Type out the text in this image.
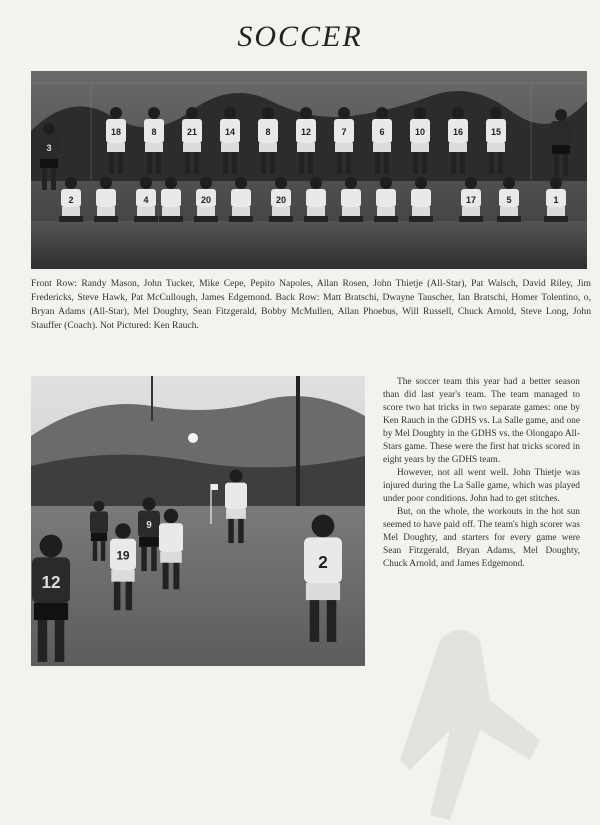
SOCCER
3
18	8	21	14	8	12	7	6	10	16	15
2	4	20	20	17	5	1
Front Row: Randy Mason, John Tucker, Mike Cepe, Pepito Napoles, Allan Rosen, John Thietje (All-Star), Pat Walsch, David Riley, Jim Fredericks, Steve Hawk, Pat McCullough, James Edgemond. Back Row: Matt Bratschi, Dwayne Tauscher, Ian Bratschi, Homer Tolentino, o, Bryan Adams (All-Star), Mel Doughty, Sean Fitzgerald, Bobby McMullen, Allan Phoebus, Will Russell, Chuck Arnold, Steve Long, John Stauffer (Coach). Not Pictured: Ken Rauch.
12
19
9
2

The soccer team this year had a better season than did last year's team. The team managed to score two hat tricks in two separate games: one by Ken Rauch in the GDHS vs. La Salle game, and one by Mel Doughty in the GDHS vs. the Olongapo All-Stars game. These were the first hat tricks scored in eight years by the GDHS team.

However, not all went well. John Thietje was injured during the La Salle game, which was played under poor conditions. John had to get stitches.

But, on the whole, the workouts in the hot sun seemed to have paid off. The team's high scorer was Mel Doughty, and starters for every game were Sean Fitzgerald, Bryan Adams, Mel Doughty, Chuck Arnold, and James Edgemond.
